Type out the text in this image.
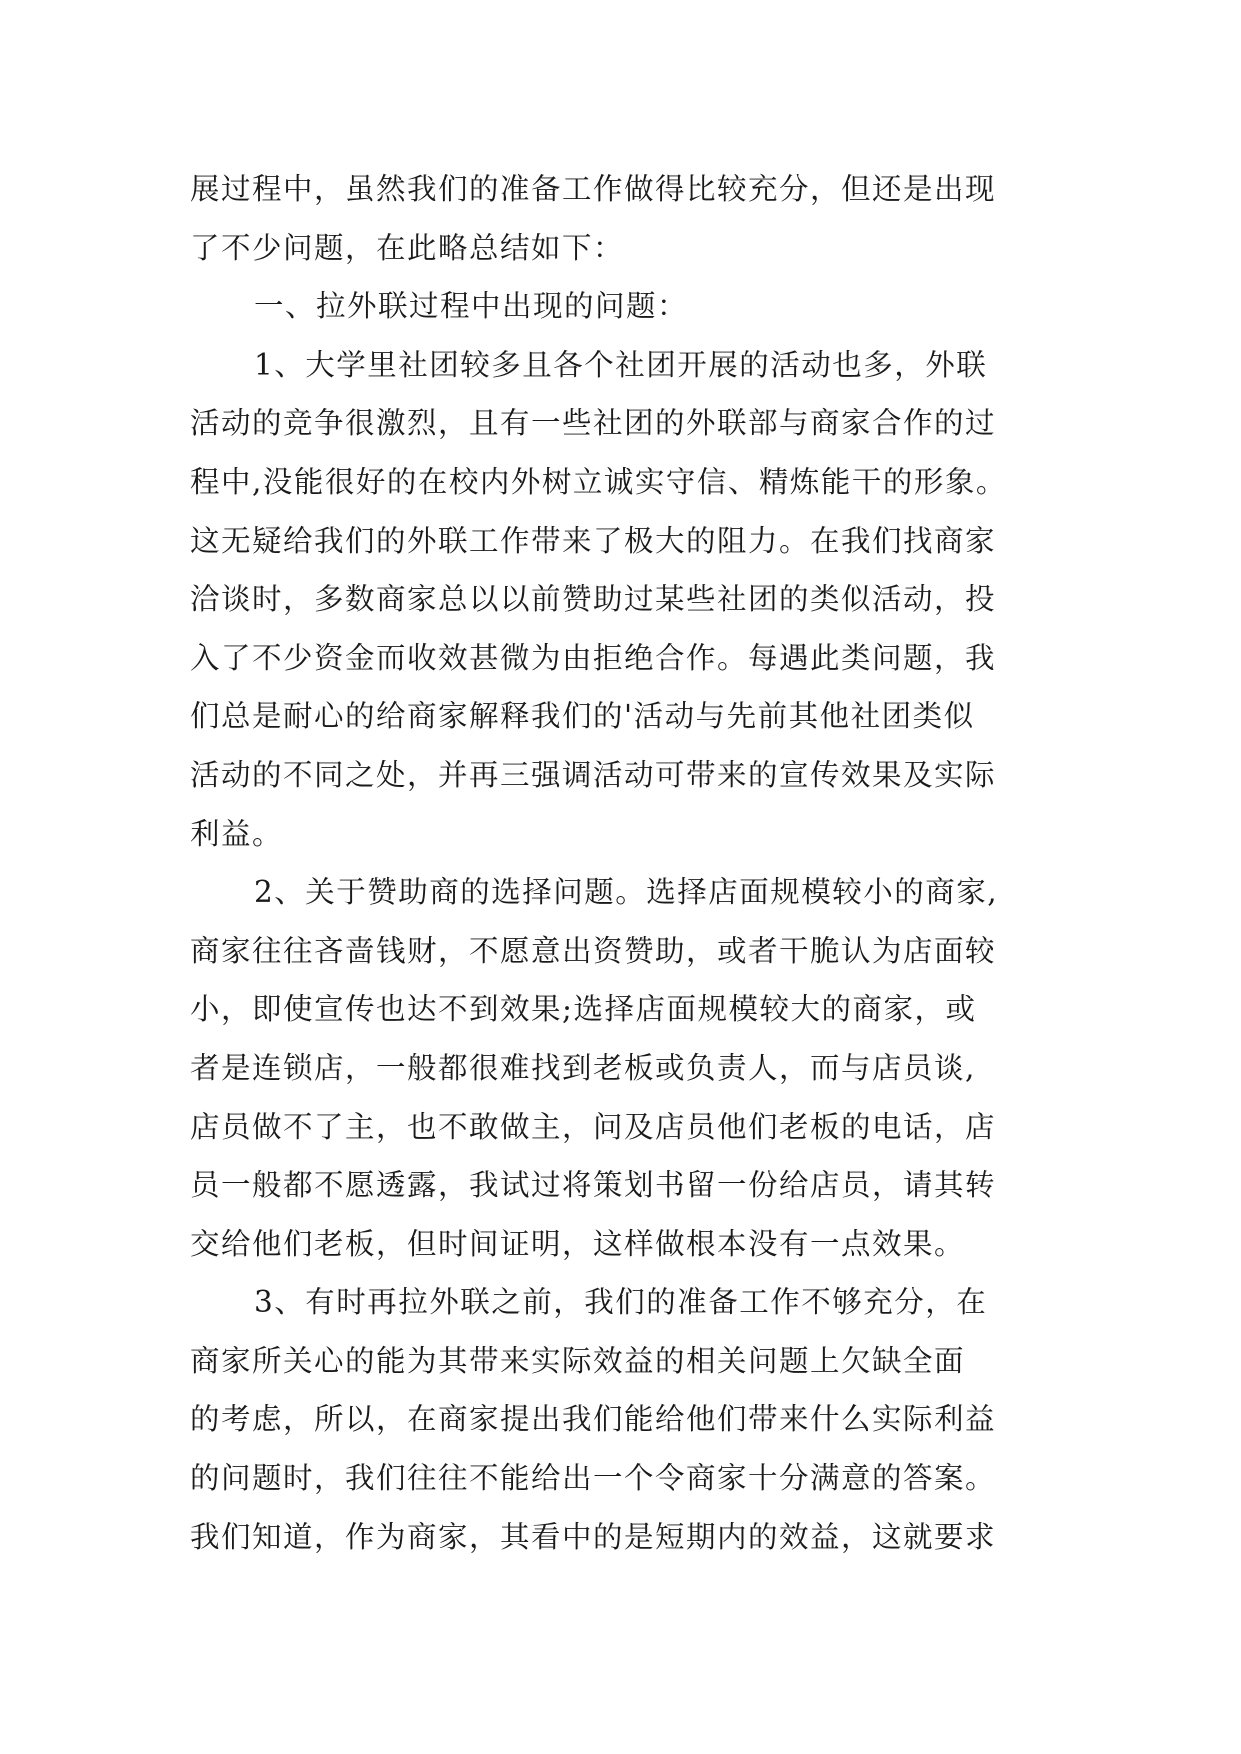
展过程中，虽然我们的准备工作做得比较充分，但还是出现
了不少问题，在此略总结如下：
一、拉外联过程中出现的问题：
1、大学里社团较多且各个社团开展的活动也多，外联
活动的竞争很激烈，且有一些社团的外联部与商家合作的过
程中,没能很好的在校内外树立诚实守信、精炼能干的形象。
这无疑给我们的外联工作带来了极大的阻力。在我们找商家
洽谈时，多数商家总以以前赞助过某些社团的类似活动，投
入了不少资金而收效甚微为由拒绝合作。每遇此类问题，我
们总是耐心的给商家解释我们的'活动与先前其他社团类似
活动的不同之处，并再三强调活动可带来的宣传效果及实际
利益。
2、关于赞助商的选择问题。选择店面规模较小的商家,
商家往往吝啬钱财，不愿意出资赞助，或者干脆认为店面较
小，即使宣传也达不到效果;选择店面规模较大的商家，或
者是连锁店，一般都很难找到老板或负责人，而与店员谈,
店员做不了主，也不敢做主，问及店员他们老板的电话，店
员一般都不愿透露，我试过将策划书留一份给店员，请其转
交给他们老板，但时间证明，这样做根本没有一点效果。
3、有时再拉外联之前，我们的准备工作不够充分，在
商家所关心的能为其带来实际效益的相关问题上欠缺全面
的考虑，所以，在商家提出我们能给他们带来什么实际利益
的问题时，我们往往不能给出一个令商家十分满意的答案。
我们知道，作为商家，其看中的是短期内的效益，这就要求
